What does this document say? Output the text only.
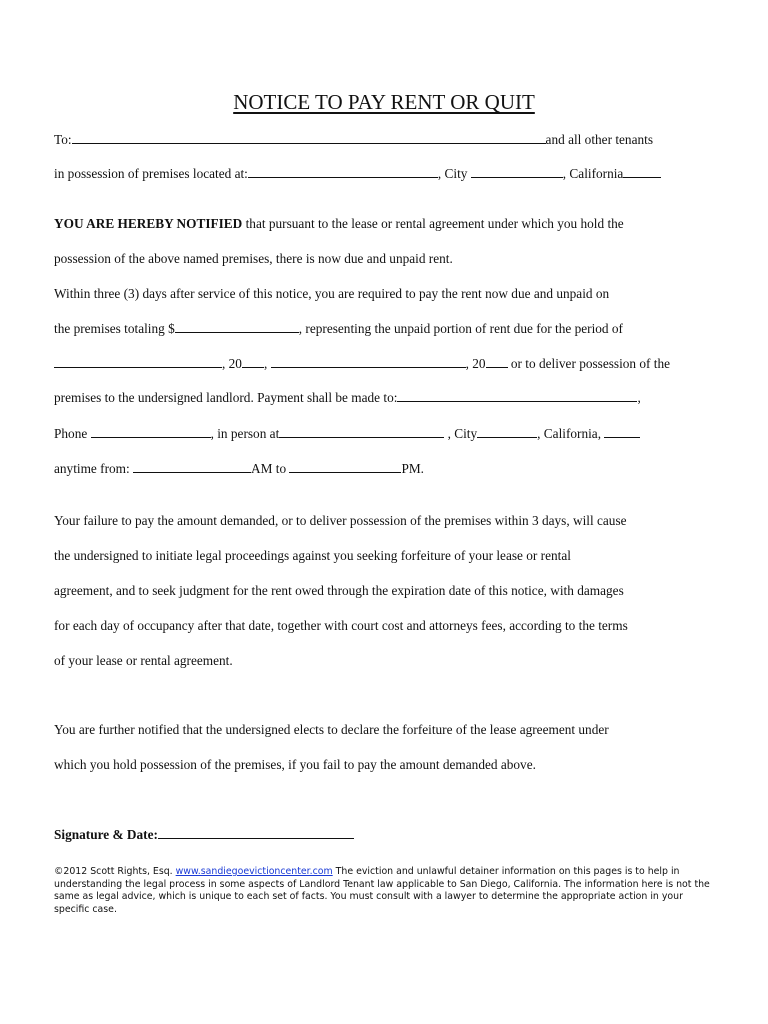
NOTICE TO PAY RENT OR QUIT
To:	and all other tenants
in possession of premises located at:	, City	, California
YOU ARE HEREBY NOTIFIED that pursuant to the lease or rental agreement under which you hold the
possession of the above named premises, there is now due and unpaid rent.
Within three (3) days after service of this notice, you are required to pay the rent now due and unpaid on
the premises totaling $	, representing the unpaid portion of rent due for the period of
, 20 ,	, 20 or to deliver possession of the
premises to the undersigned landlord. Payment shall be made to:	,
Phone	, in person at	, City	, California,
anytime from:	AM to	PM.
Your failure to pay the amount demanded, or to deliver possession of the premises within 3 days, will cause
the undersigned to initiate legal proceedings against you seeking forfeiture of your lease or rental
agreement, and to seek judgment for the rent owed through the expiration date of this notice, with damages
for each day of occupancy after that date, together with court cost and attorneys fees, according to the terms
of your lease or rental agreement.
You are further notified that the undersigned elects to declare the forfeiture of the lease agreement under
which you hold possession of the premises, if you fail to pay the amount demanded above.
Signature & Date:
©2012 Scott Rights, Esq. www.sandiegoevictioncenter.com The eviction and unlawful detainer information on this pages is to help in understanding the legal process in some aspects of Landlord Tenant law applicable to San Diego, California. The information here is not the same as legal advice, which is unique to each set of facts. You must consult with a lawyer to determine the appropriate action in your specific case.
